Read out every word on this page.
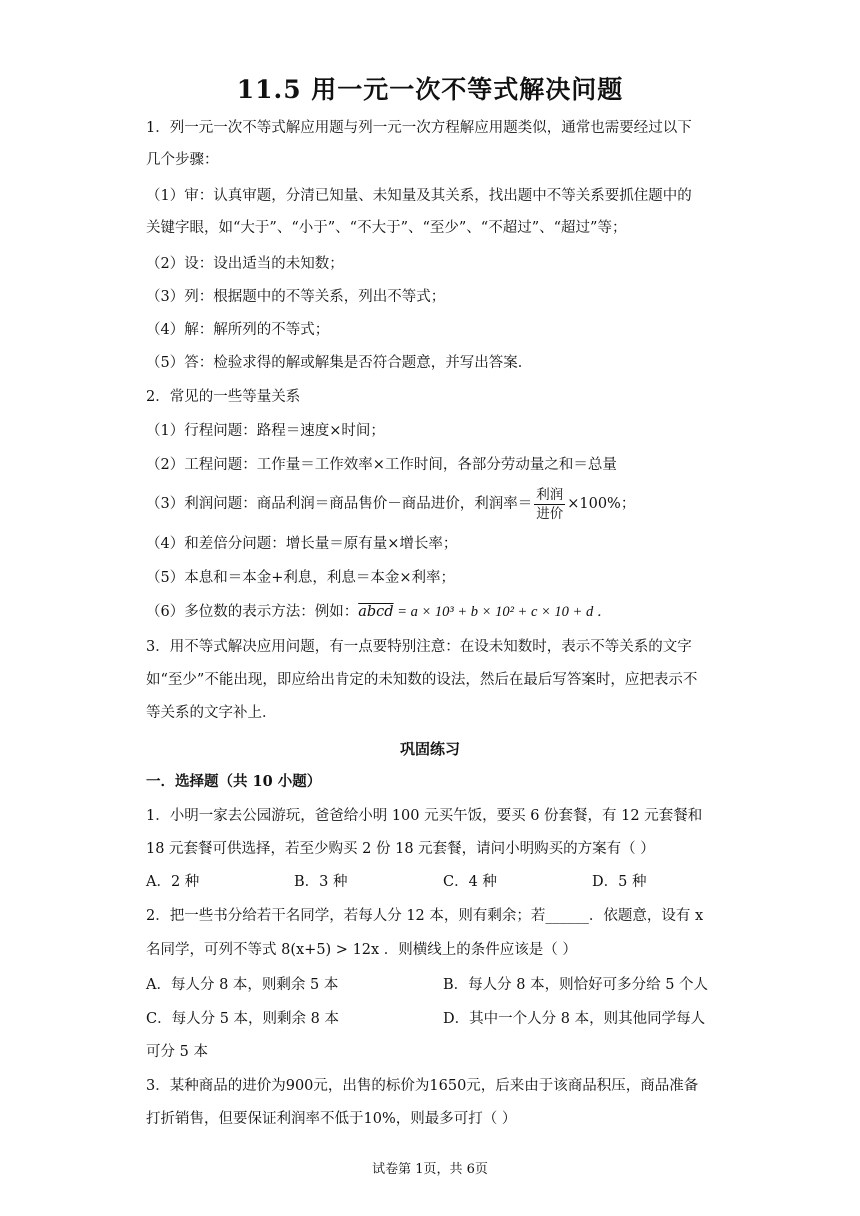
11.5 用一元一次不等式解决问题
1．列一元一次不等式解应用题与列一元一次方程解应用题类似，通常也需要经过以下
几个步骤：
（1）审：认真审题，分清已知量、未知量及其关系，找出题中不等关系要抓住题中的
关键字眼，如“大于”、“小于”、“不大于”、“至少”、“不超过”、“超过”等；
（2）设：设出适当的未知数；
（3）列：根据题中的不等关系，列出不等式；
（4）解：解所列的不等式；
（5）答：检验求得的解或解集是否符合题意，并写出答案．
2．常见的一些等量关系
（1）行程问题：路程＝速度×时间；
（2）工程问题：工作量＝工作效率×工作时间，各部分劳动量之和＝总量
（3）利润问题：商品利润＝商品售价－商品进价，利润率＝ $\frac{\text{利润}}{\text{进价}} \times 100\%$；
（4）和差倍分问题：增长量＝原有量×增长率；
（5）本息和＝本金+利息，利息＝本金×利率；
（6）多位数的表示方法：例如：abcd = a × 10³ + b × 10² + c × 10 + d ．
3．用不等式解决应用问题，有一点要特别注意：在设未知数时，表示不等关系的文字
如“至少”不能出现，即应给出肯定的未知数的设法，然后在最后写答案时，应把表示不
等关系的文字补上．
巩固练习
一．选择题（共 10 小题）
1．小明一家去公园游玩，爸爸给小明 100 元买午饭，要买 6 份套餐，有 12 元套餐和
18 元套餐可供选择，若至少购买 2 份 18 元套餐，请问小明购买的方案有（ ）
A．2 种	B．3 种	C．4 种	D．5 种
2．把一些书分给若干名同学，若每人分 12 本，则有剩余；若______．依题意，设有 x
名同学，可列不等式 8(x+5) > 12x ．则横线上的条件应该是（ ）
A．每人分 8 本，则剩余 5 本	B．每人分 8 本，则恰好可多分给 5 个人
C．每人分 5 本，则剩余 8 本	D．其中一个人分 8 本，则其他同学每人
可分 5 本
3．某种商品的进价为900元，出售的标价为1650元，后来由于该商品积压，商品准备
打折销售，但要保证利润率不低于10%，则最多可打（ ）
试卷第 1页，共 6页
